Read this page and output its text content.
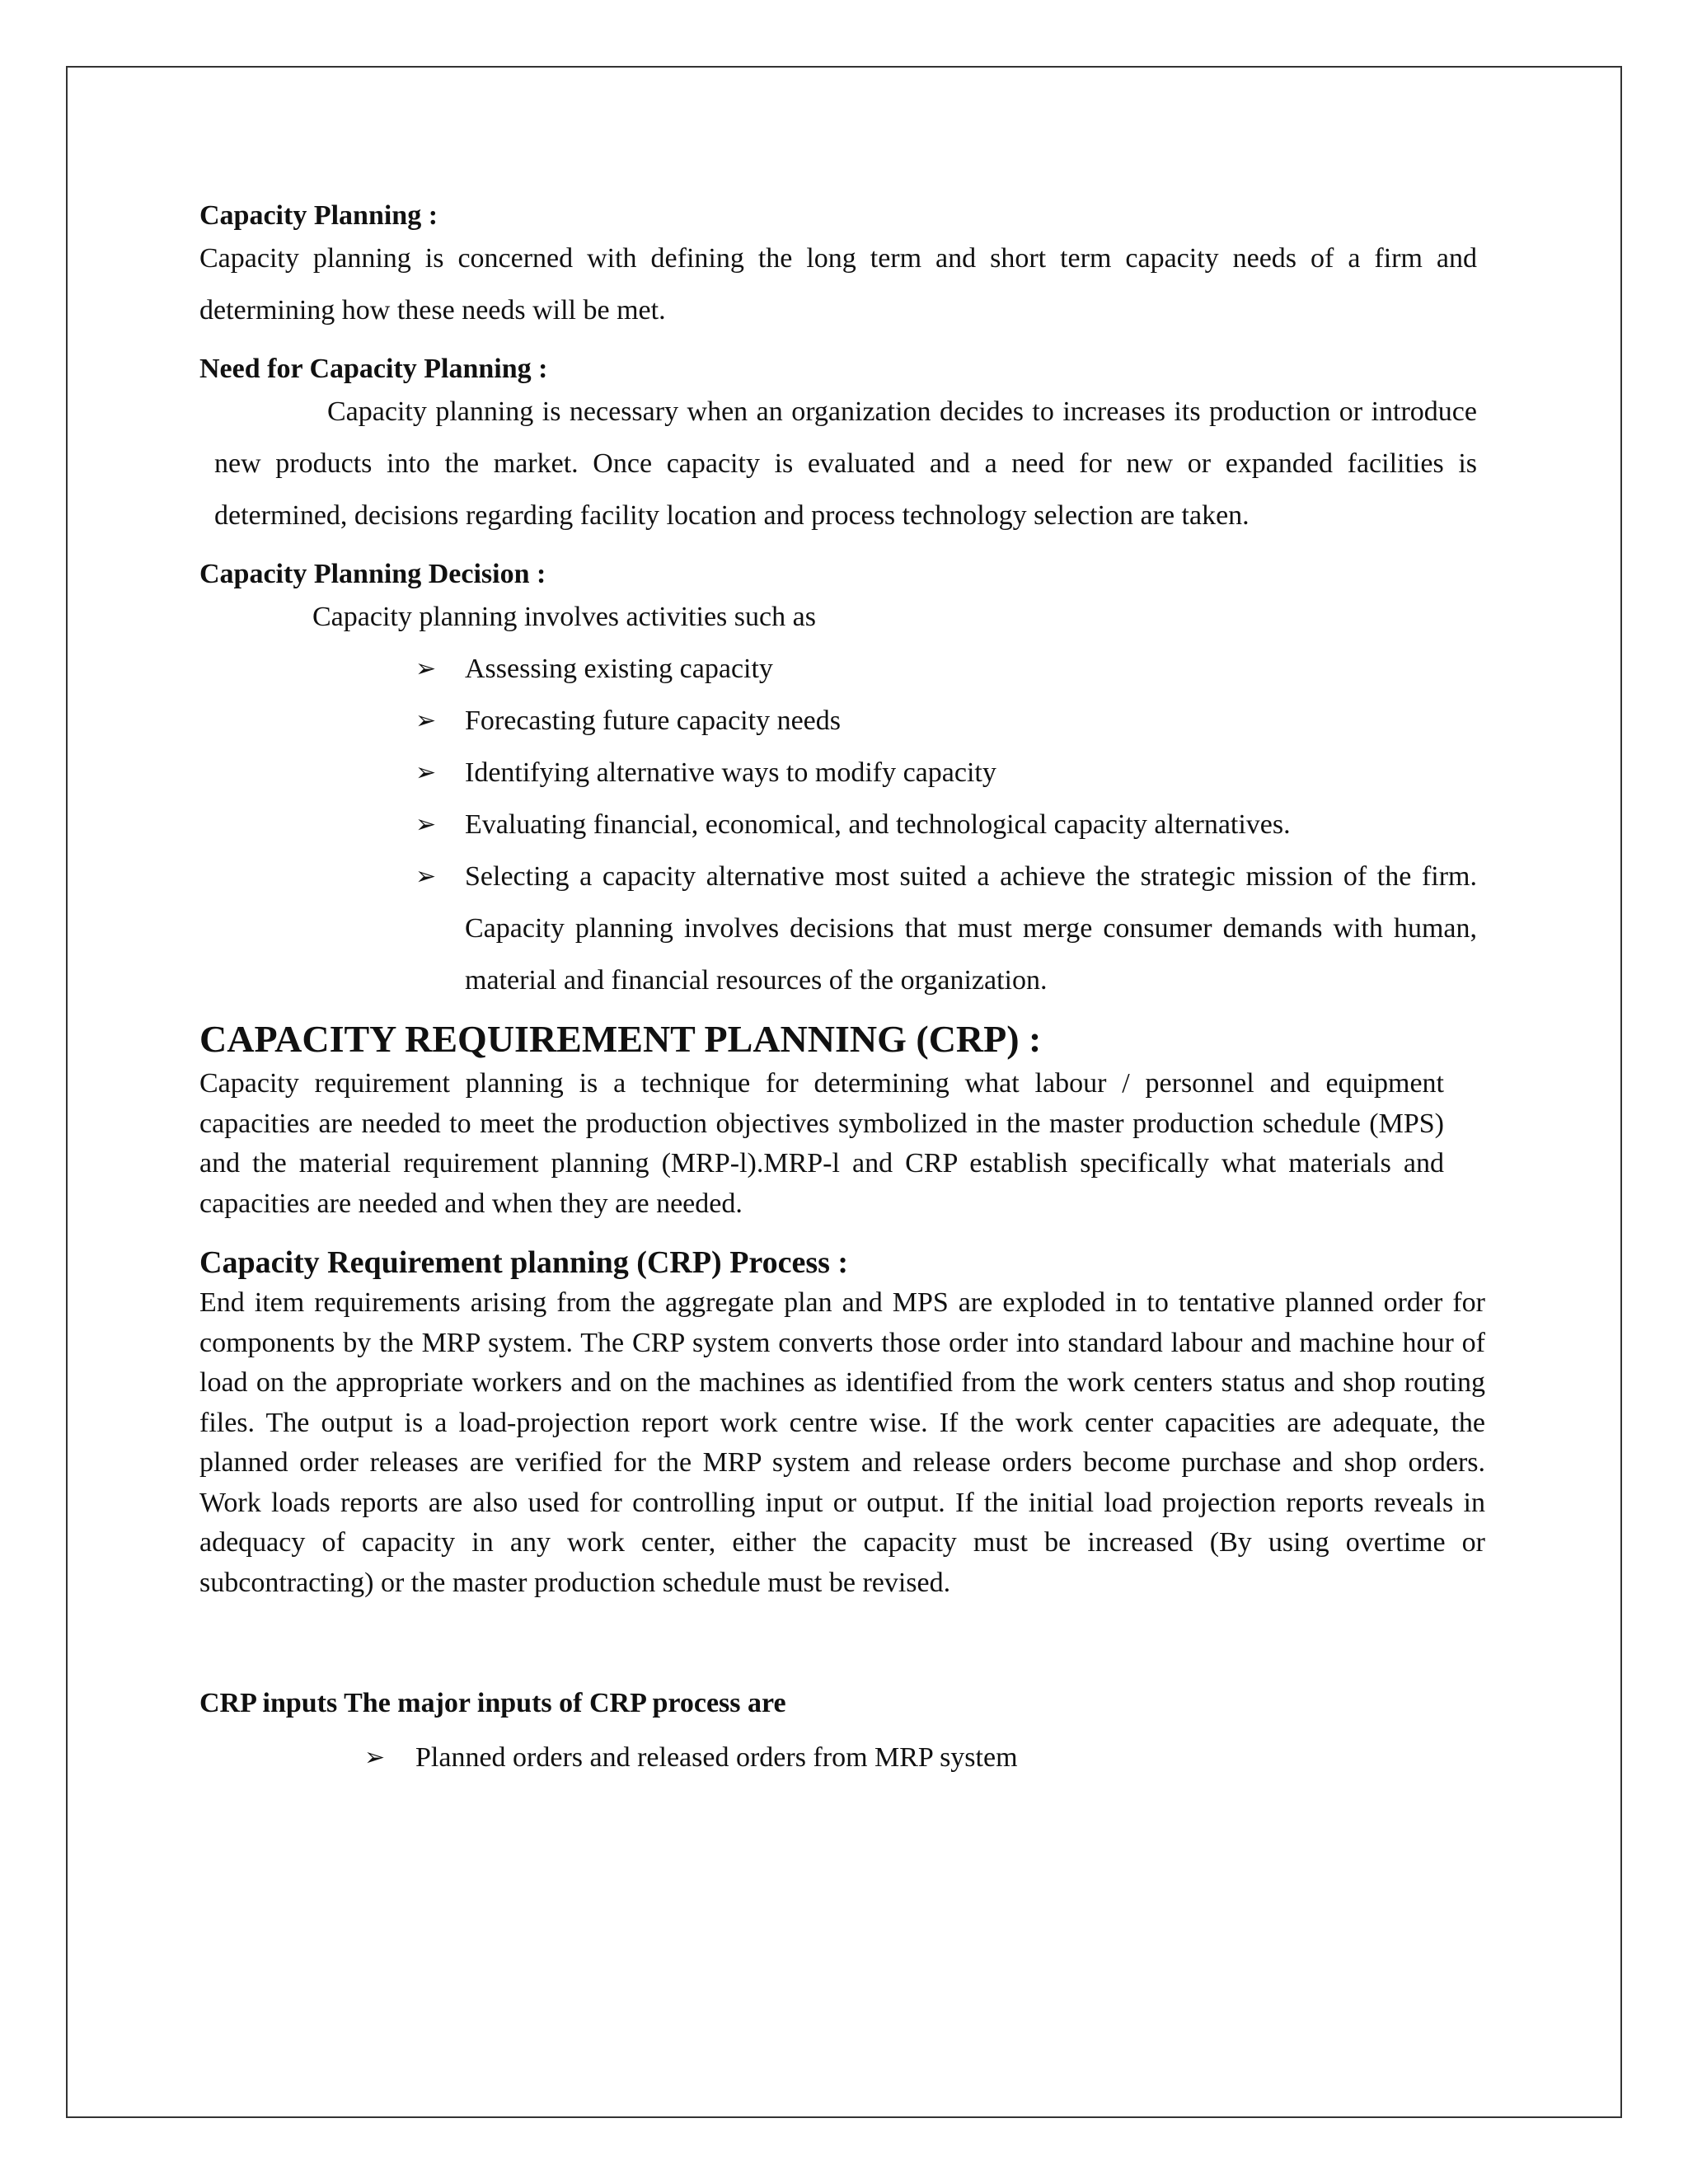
Capacity Planning :

Capacity planning is concerned with defining the long term and short term capacity needs of a firm and determining how these needs will be met.

Need for Capacity Planning :

Capacity planning is necessary when an organization decides to increases its production or introduce new products into the market. Once capacity is evaluated and a need for new or expanded facilities is determined, decisions regarding facility location and process technology selection are taken.

Capacity Planning Decision :

Capacity planning involves activities such as

➢ Assessing existing capacity
➢ Forecasting future capacity needs
➢ Identifying alternative ways to modify capacity
➢ Evaluating financial, economical, and technological capacity alternatives.
➢ Selecting a capacity alternative most suited a achieve the strategic mission of the firm. Capacity planning involves decisions that must merge consumer demands with human, material and financial resources of the organization.

CAPACITY REQUIREMENT PLANNING (CRP) :

Capacity requirement planning is a technique for determining what labour / personnel and equipment capacities are needed to meet the production objectives symbolized in the master production schedule (MPS) and the material requirement planning (MRP-l).MRP-l and CRP establish specifically what materials and capacities are needed and when they are needed.

Capacity Requirement planning (CRP) Process :

End item requirements arising from the aggregate plan and MPS are exploded in to tentative planned order for components by the MRP system. The CRP system converts those order into standard labour and machine hour of load on the appropriate workers and on the machines as identified from the work centers status and shop routing files. The output is a load-projection report work centre wise. If the work center capacities are adequate, the planned order releases are verified for the MRP system and release orders become purchase and shop orders. Work loads reports are also used for controlling input or output. If the initial load projection reports reveals in adequacy of capacity in any work center, either the capacity must be increased (By using overtime or subcontracting) or the master production schedule must be revised.

CRP inputs The major inputs of CRP process are

➢ Planned orders and released orders from MRP system
